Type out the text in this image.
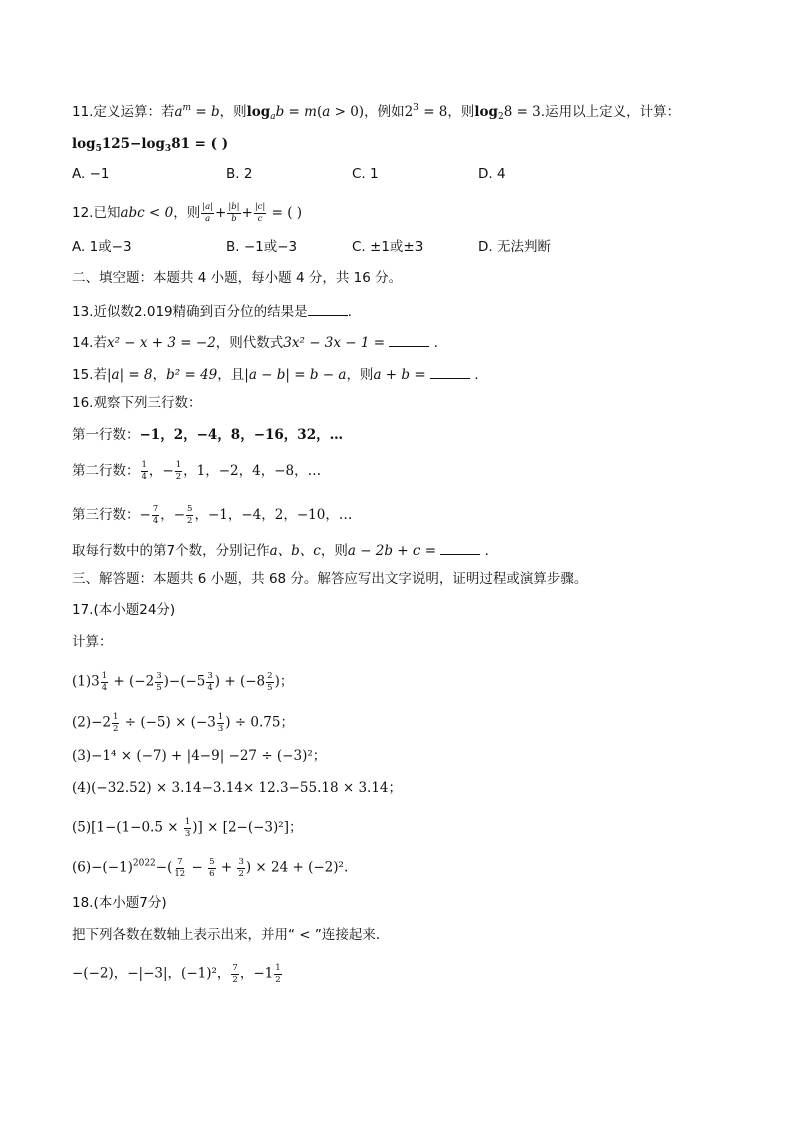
11.定义运算：若$a^m = b$，则$\log_ab = m(a > 0)$，例如$2^3 = 8$，则$\log_28 = 3$.运用以上定义，计算：
$\log_5125-\log_381$ = ( )
A. −1	B. 2	C. 1	D. 4
12.已知abc < 0，则 $\frac{|a|}{a} + \frac{|b|}{b} + \frac{|c|}{c}$ = ( )
A. 1或−3	B. −1或−3	C. ±1或±3	D. 无法判断
二、填空题：本题共 4 小题，每小题 4 分，共 16 分。
13.近似数2.019精确到百分位的结果是	.
14.若x² − x + 3 = −2，则代数式3x² − 3x − 1 =	.
15.若|a| = 8，b² = 49，且|a − b| = b − a，则a + b =	.
16.观察下列三行数：
第一行数：−1，2，−4，8，−16，32，…
第二行数： $\frac{1}{4}$ ，− $\frac{1}{2}$ ，1，−2，4，−8，…
第三行数：− $\frac{7}{4}$ ，− $\frac{5}{2}$ ，−1，−4，2，−10，…
取每行数中的第7个数，分别记作a、b、c，则a − 2b + c =	.
三、解答题：本题共 6 小题，共 68 分。解答应写出文字说明，证明过程或演算步骤。
17.(本小题24分)
计算：
$(1)3 \frac{1}{4} + (-2 \frac{3}{5} )-(-5 \frac{3}{4}$ ) + ($-8 \frac{2}{5}$ )；
$(2)-2 \frac{1}{2} \div (-5) \times (-3 \frac{1}{3}$ ) ÷ 0.75；
(3)−1⁴ × (−7) + |4−9| −27 ÷ (−3)²；
(4)(−32.52) × 3.14−3.14× 12.3−55.18 × 3.14；
$(5)[1-(1-0.5 \times \frac{1}{3}$ )] × [2−(−3)²]；
$(6)-(-1)^{2022}-( \frac{7}{12} - \frac{5}{6} + \frac{3}{2}$ ) × 24 + (−2)².
18.(本小题7分)
把下列各数在数轴上表示出来，并用“ < ”连接起来.
−(−2)，−|−3|，(−1)²， $\frac{7}{2}$ ，$-1 \frac{1}{2}$
